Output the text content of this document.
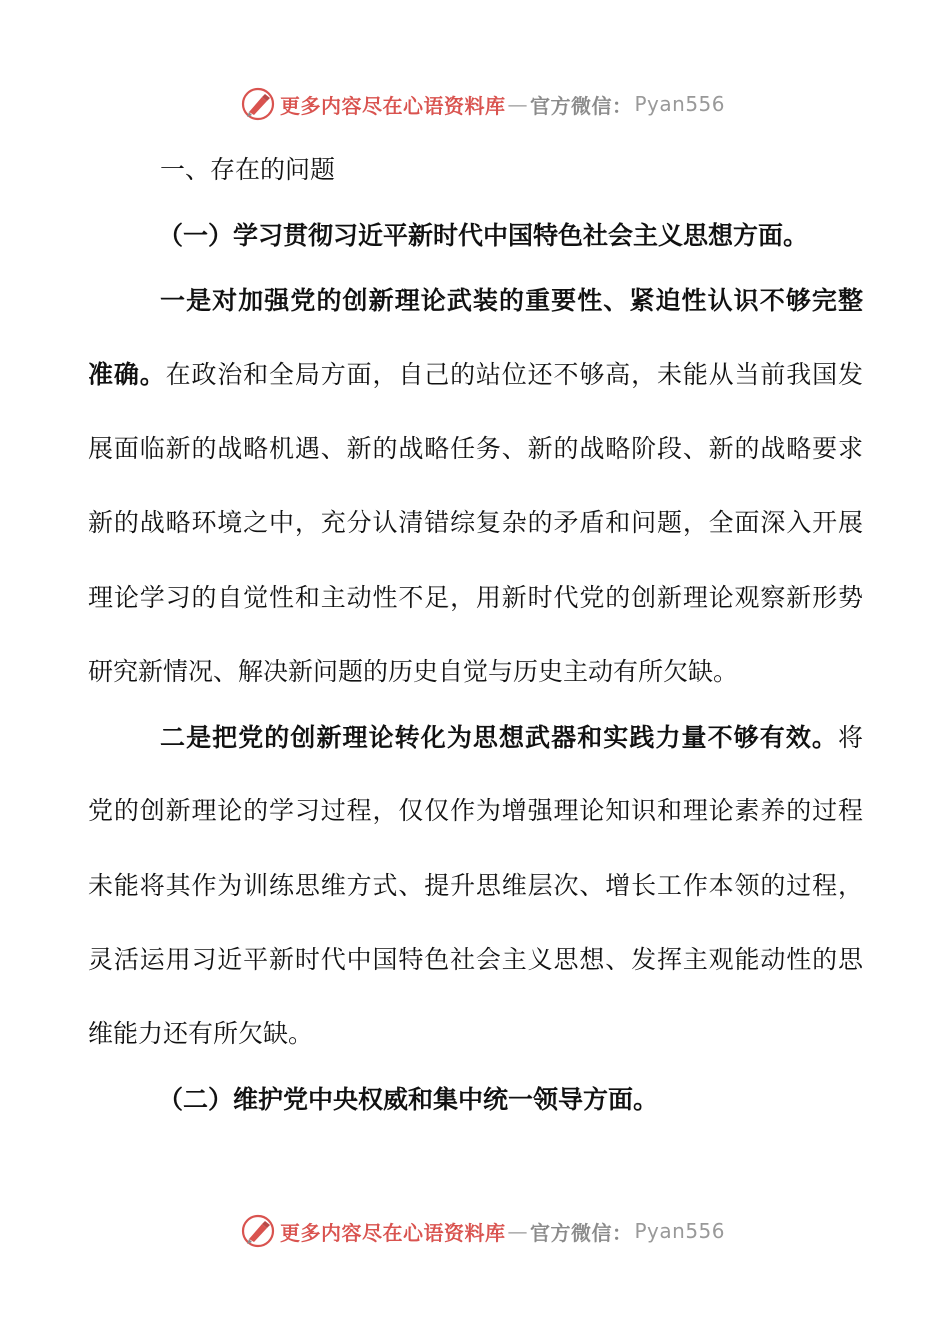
更多内容尽在心语资料库 — 官方微信： Pyan556
一、存在的问题
（一）学习贯彻习近平新时代中国特色社会主义思想方面。
一是对加强党的创新理论武装的重要性、紧迫性认识不够完整
准确。在政治和全局方面，自己的站位还不够高，未能从当前我国发
展面临新的战略机遇、新的战略任务、新的战略阶段、新的战略要求
新的战略环境之中，充分认清错综复杂的矛盾和问题，全面深入开展
理论学习的自觉性和主动性不足，用新时代党的创新理论观察新形势
研究新情况、解决新问题的历史自觉与历史主动有所欠缺。
二是把党的创新理论转化为思想武器和实践力量不够有效。将
党的创新理论的学习过程，仅仅作为增强理论知识和理论素养的过程
未能将其作为训练思维方式、提升思维层次、增长工作本领的过程，
灵活运用习近平新时代中国特色社会主义思想、发挥主观能动性的思
维能力还有所欠缺。
（二）维护党中央权威和集中统一领导方面。
更多内容尽在心语资料库 — 官方微信： Pyan556
